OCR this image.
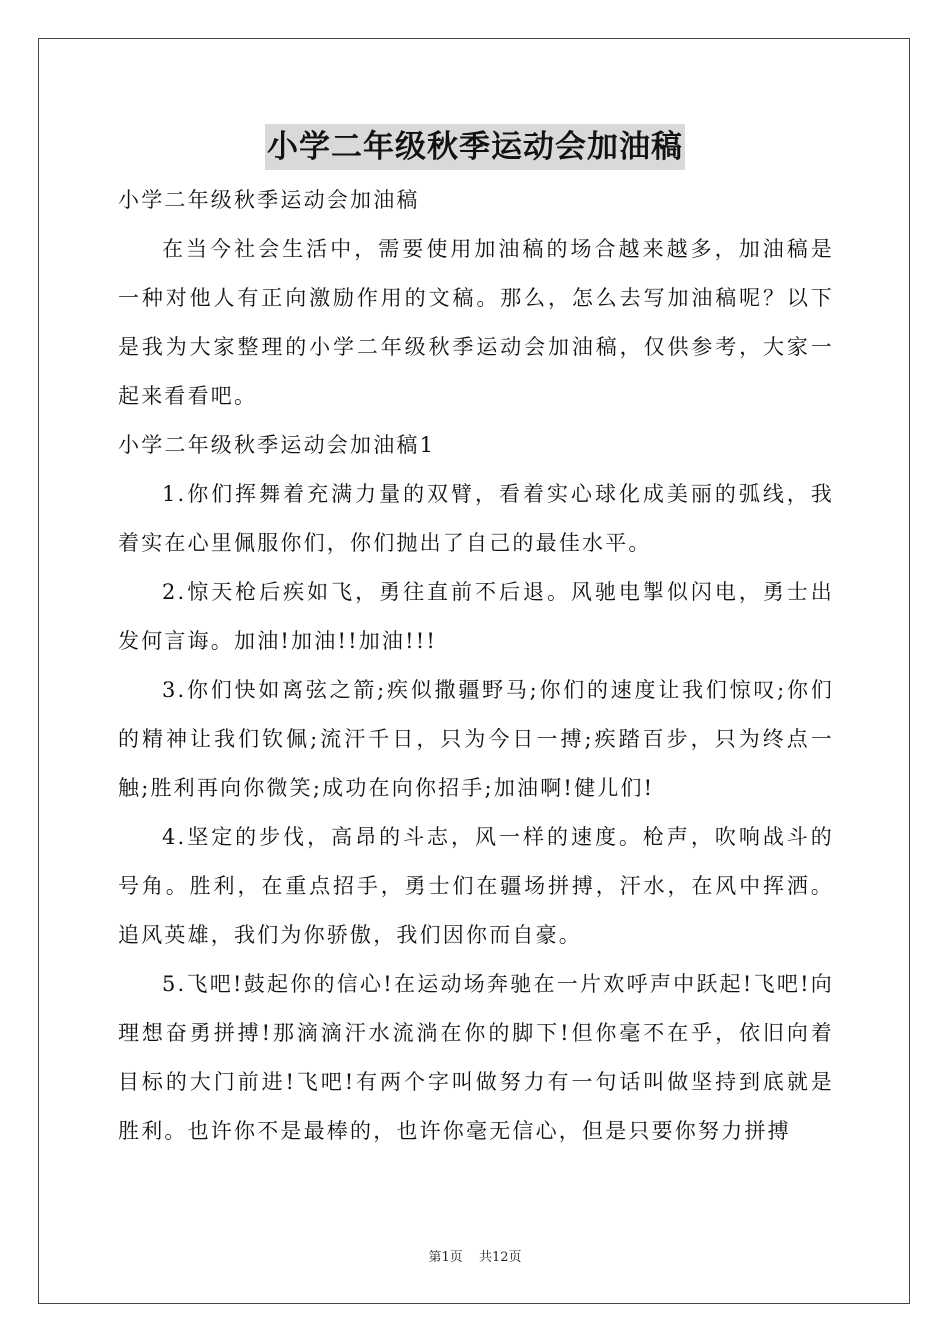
小学二年级秋季运动会加油稿

小学二年级秋季运动会加油稿

在当今社会生活中，需要使用加油稿的场合越来越多，加油稿是一种对他人有正向激励作用的文稿。那么，怎么去写加油稿呢？以下是我为大家整理的小学二年级秋季运动会加油稿，仅供参考，大家一起来看看吧。

小学二年级秋季运动会加油稿1

1.你们挥舞着充满力量的双臂，看着实心球化成美丽的弧线，我着实在心里佩服你们，你们抛出了自己的最佳水平。

2.惊天枪后疾如飞，勇往直前不后退。风驰电掣似闪电，勇士出发何言诲。加油!加油!!加油!!!

3.你们快如离弦之箭;疾似撒疆野马;你们的速度让我们惊叹;你们的精神让我们钦佩;流汗千日，只为今日一搏;疾踏百步，只为终点一触;胜利再向你微笑;成功在向你招手;加油啊!健儿们!

4.坚定的步伐，高昂的斗志，风一样的速度。枪声，吹响战斗的号角。胜利，在重点招手，勇士们在疆场拼搏，汗水，在风中挥洒。追风英雄，我们为你骄傲，我们因你而自豪。

5.飞吧!鼓起你的信心!在运动场奔驰在一片欢呼声中跃起!飞吧!向理想奋勇拼搏!那滴滴汗水流淌在你的脚下!但你毫不在乎，依旧向着目标的大门前进!飞吧!有两个字叫做努力有一句话叫做坚持到底就是胜利。也许你不是最棒的，也许你毫无信心，但是只要你努力拼搏

第1页 共12页
